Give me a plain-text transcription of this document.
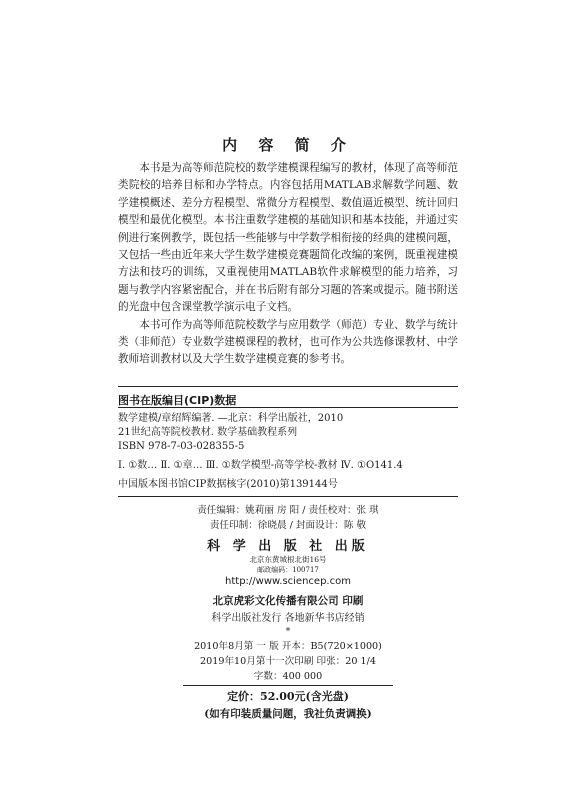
内 容 简 介

本书是为高等师范院校的数学建模课程编写的教材，体现了高等师范类院校的培养目标和办学特点。内容包括用MATLAB求解数学问题、数学建模概述、差分方程模型、常微分方程模型、数值逼近模型、统计回归模型和最优化模型。本书注重数学建模的基础知识和基本技能，并通过实例进行案例教学，既包括一些能够与中学数学相衔接的经典的建模问题，又包括一些由近年来大学生数学建模竞赛题简化改编的案例，既重视建模方法和技巧的训练，又重视使用MATLAB软件求解模型的能力培养，习题与教学内容紧密配合，并在书后附有部分习题的答案或提示。随书附送的光盘中包含课堂教学演示电子文档。

本书可作为高等师范院校数学与应用数学（师范）专业、数学与统计类（非师范）专业数学建模课程的教材，也可作为公共选修课教材、中学教师培训教材以及大学生数学建模竞赛的参考书。

图书在版编目(CIP)数据
数学建模/章绍辉编著. —北京：科学出版社，2010
21世纪高等院校教材. 数学基础教程系列
ISBN 978-7-03-028355-5
Ⅰ. ①数… Ⅱ. ①章… Ⅲ. ①数学模型-高等学校-教材 Ⅳ. ①O141.4
中国版本图书馆CIP数据核字(2010)第139144号
责任编辑：姚莉丽 房 阳 / 责任校对：张 琪
责任印制：徐晓晨 / 封面设计：陈 敬
科 学 出 版 社 出版
北京东黄城根北街16号
邮政编码：100717
http://www.sciencep.com
北京虎彩文化传播有限公司 印刷
科学出版社发行 各地新华书店经销
*
2010年8月第 一 版 开本：B5(720×1000)
2019年10月第十一次印刷 印张：20 1/4
字数：400 000
定价：52.00元(含光盘)
(如有印装质量问题，我社负责调换)
